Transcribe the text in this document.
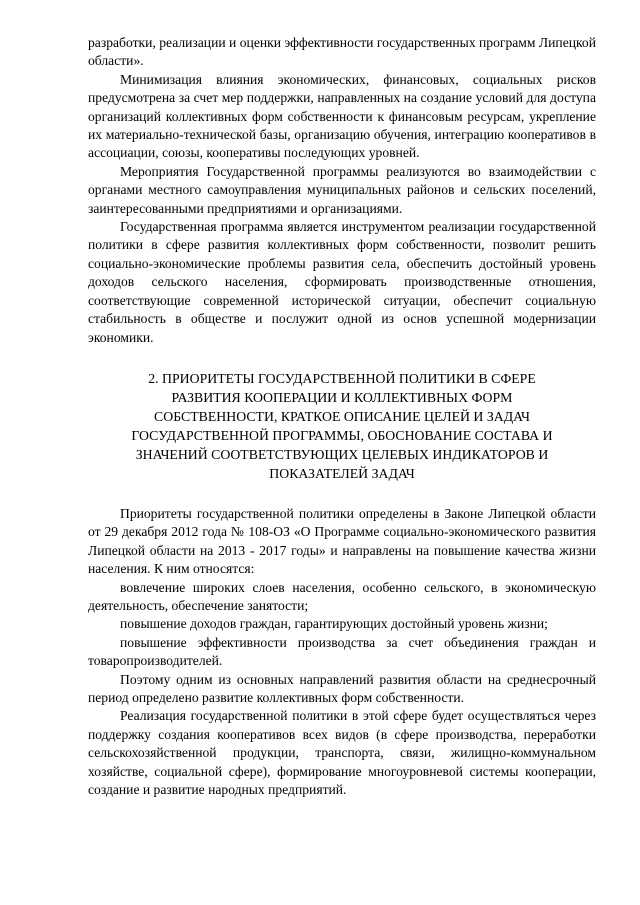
разработки, реализации и оценки эффективности государственных программ Липецкой области».

Минимизация влияния экономических, финансовых, социальных рисков предусмотрена за счет мер поддержки, направленных на создание условий для доступа организаций коллективных форм собственности к финансовым ресурсам, укрепление их материально-технической базы, организацию обучения, интеграцию кооперативов в ассоциации, союзы, кооперативы последующих уровней.

Мероприятия Государственной программы реализуются во взаимодействии с органами местного самоуправления муниципальных районов и сельских поселений, заинтересованными предприятиями и организациями.

Государственная программа является инструментом реализации государственной политики в сфере развития коллективных форм собственности, позволит решить социально-экономические проблемы развития села, обеспечить достойный уровень доходов сельского населения, сформировать производственные отношения, соответствующие современной исторической ситуации, обеспечит социальную стабильность в обществе и послужит одной из основ успешной модернизации экономики.

2. ПРИОРИТЕТЫ ГОСУДАРСТВЕННОЙ ПОЛИТИКИ В СФЕРЕ
РАЗВИТИЯ КООПЕРАЦИИ И КОЛЛЕКТИВНЫХ ФОРМ
СОБСТВЕННОСТИ, КРАТКОЕ ОПИСАНИЕ ЦЕЛЕЙ И ЗАДАЧ
ГОСУДАРСТВЕННОЙ ПРОГРАММЫ, ОБОСНОВАНИЕ СОСТАВА И
ЗНАЧЕНИЙ СООТВЕТСТВУЮЩИХ ЦЕЛЕВЫХ ИНДИКАТОРОВ И
ПОКАЗАТЕЛЕЙ ЗАДАЧ

Приоритеты государственной политики определены в Законе Липецкой области от 29 декабря 2012 года № 108-ОЗ «О Программе социально-экономического развития Липецкой области на 2013 - 2017 годы» и направлены на повышение качества жизни населения. К ним относятся:

вовлечение широких слоев населения, особенно сельского, в экономическую деятельность, обеспечение занятости;

повышение доходов граждан, гарантирующих достойный уровень жизни;

повышение эффективности производства за счет объединения граждан и товаропроизводителей.

Поэтому одним из основных направлений развития области на среднесрочный период определено развитие коллективных форм собственности.

Реализация государственной политики в этой сфере будет осуществляться через поддержку создания кооперативов всех видов (в сфере производства, переработки сельскохозяйственной продукции, транспорта, связи, жилищно-коммунальном хозяйстве, социальной сфере), формирование многоуровневой системы кооперации, создание и развитие народных предприятий.
